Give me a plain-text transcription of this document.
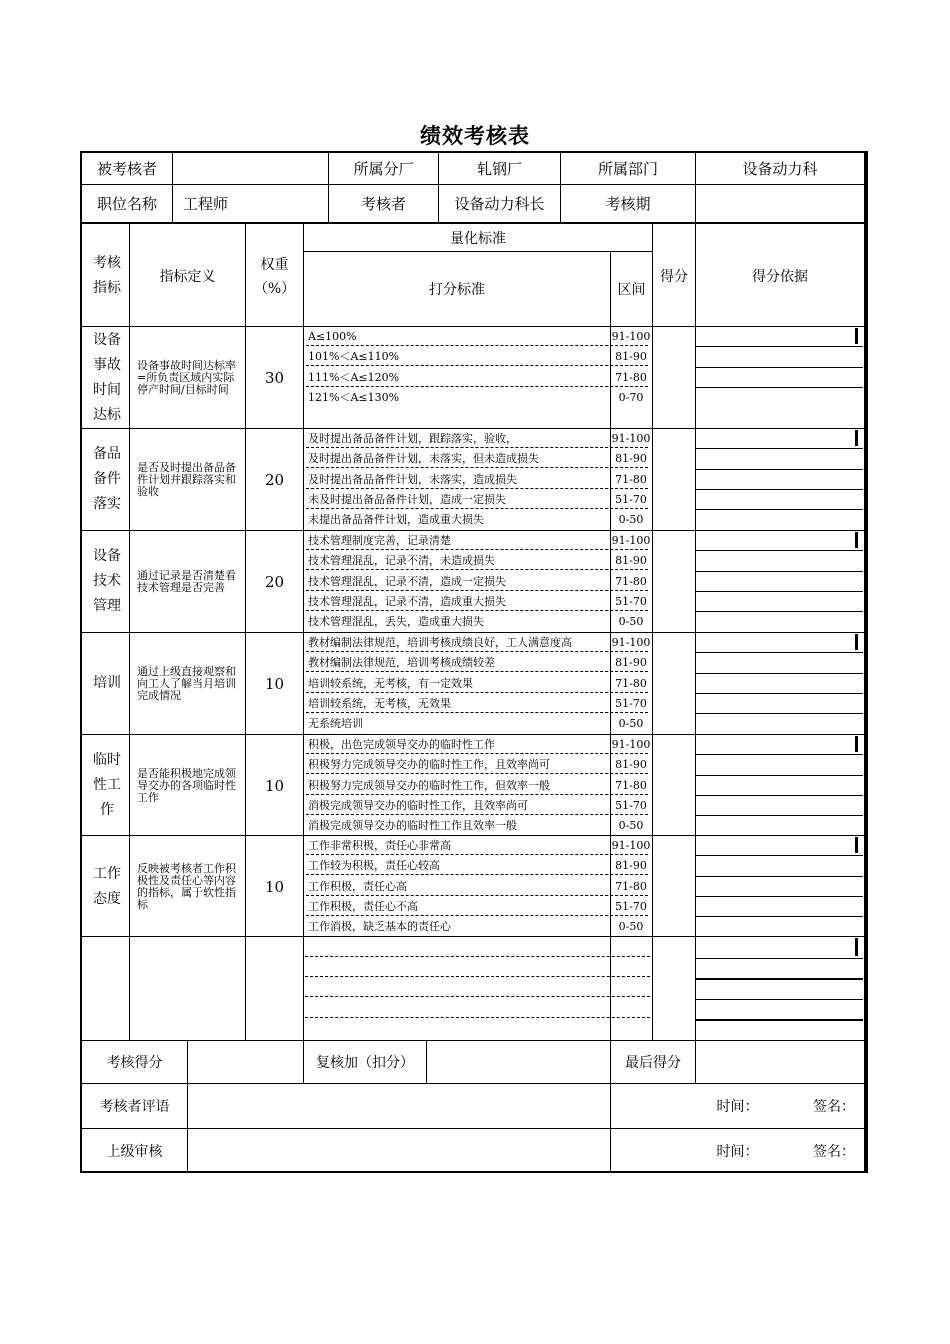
绩效考核表
被考核者	所属分厂	轧钢厂	所属部门	设备动力科
职位名称	工程师	考核者	设备动力科长	考核期
考核指标
指标定义
权重
（%）
量化标准
打分标准	区间
得分	得分依据
设备事故时间达标
设备事故时间达标率=所负责区域内实际停产时间/目标时间
30
A≤100%	91-100
101%＜A≤110%	81-90
111%＜A≤120%	71-80
121%＜A≤130%	0-70
备品备件落实
是否及时提出备品备件计划并跟踪落实和验收
20
及时提出备品备件计划，跟踪落实，验收，	91-100
及时提出备品备件计划，未落实，但未造成损失	81-90
及时提出备品备件计划，未落实，造成损失	71-80
未及时提出备品备件计划，造成一定损失	51-70
未提出备品备件计划，造成重大损失	0-50
设备技术管理
通过记录是否清楚看技术管理是否完善	20
技术管理制度完善，记录清楚	91-100
技术管理混乱，记录不清，未造成损失	81-90
技术管理混乱，记录不清，造成一定损失	71-80
技术管理混乱，记录不清，造成重大损失	51-70
技术管理混乱，丢失，造成重大损失	0-50
培训
通过上级直接观察和向工人了解当月培训完成情况
10
教材编制法律规范，培训考核成绩良好，工人满意度高	91-100
教材编制法律规范，培训考核成绩较差	81-90
培训较系统，无考核，有一定效果	71-80
培训较系统，无考核，无效果	51-70
无系统培训	0-50
临时性工作
是否能积极地完成领导交办的各项临时性工作
10
积极，出色完成领导交办的临时性工作	91-100
积极努力完成领导交办的临时性工作，且效率尚可	81-90
积极努力完成领导交办的临时性工作，但效率一般	71-80
消极完成领导交办的临时性工作，且效率尚可	51-70
消极完成领导交办的临时性工作且效率一般	0-50
工作态度
反映被考核者工作积极性及责任心等内容的指标，属于软性指标
10
工作非常积极，责任心非常高	91-100
工作较为积极，责任心较高	81-90
工作积极，责任心高	71-80
工作积极，责任心不高	51-70
工作消极，缺乏基本的责任心	0-50
考核得分	复核加（扣分）	最后得分
考核者评语	时间：	签名：
上级审核	时间：	签名：
